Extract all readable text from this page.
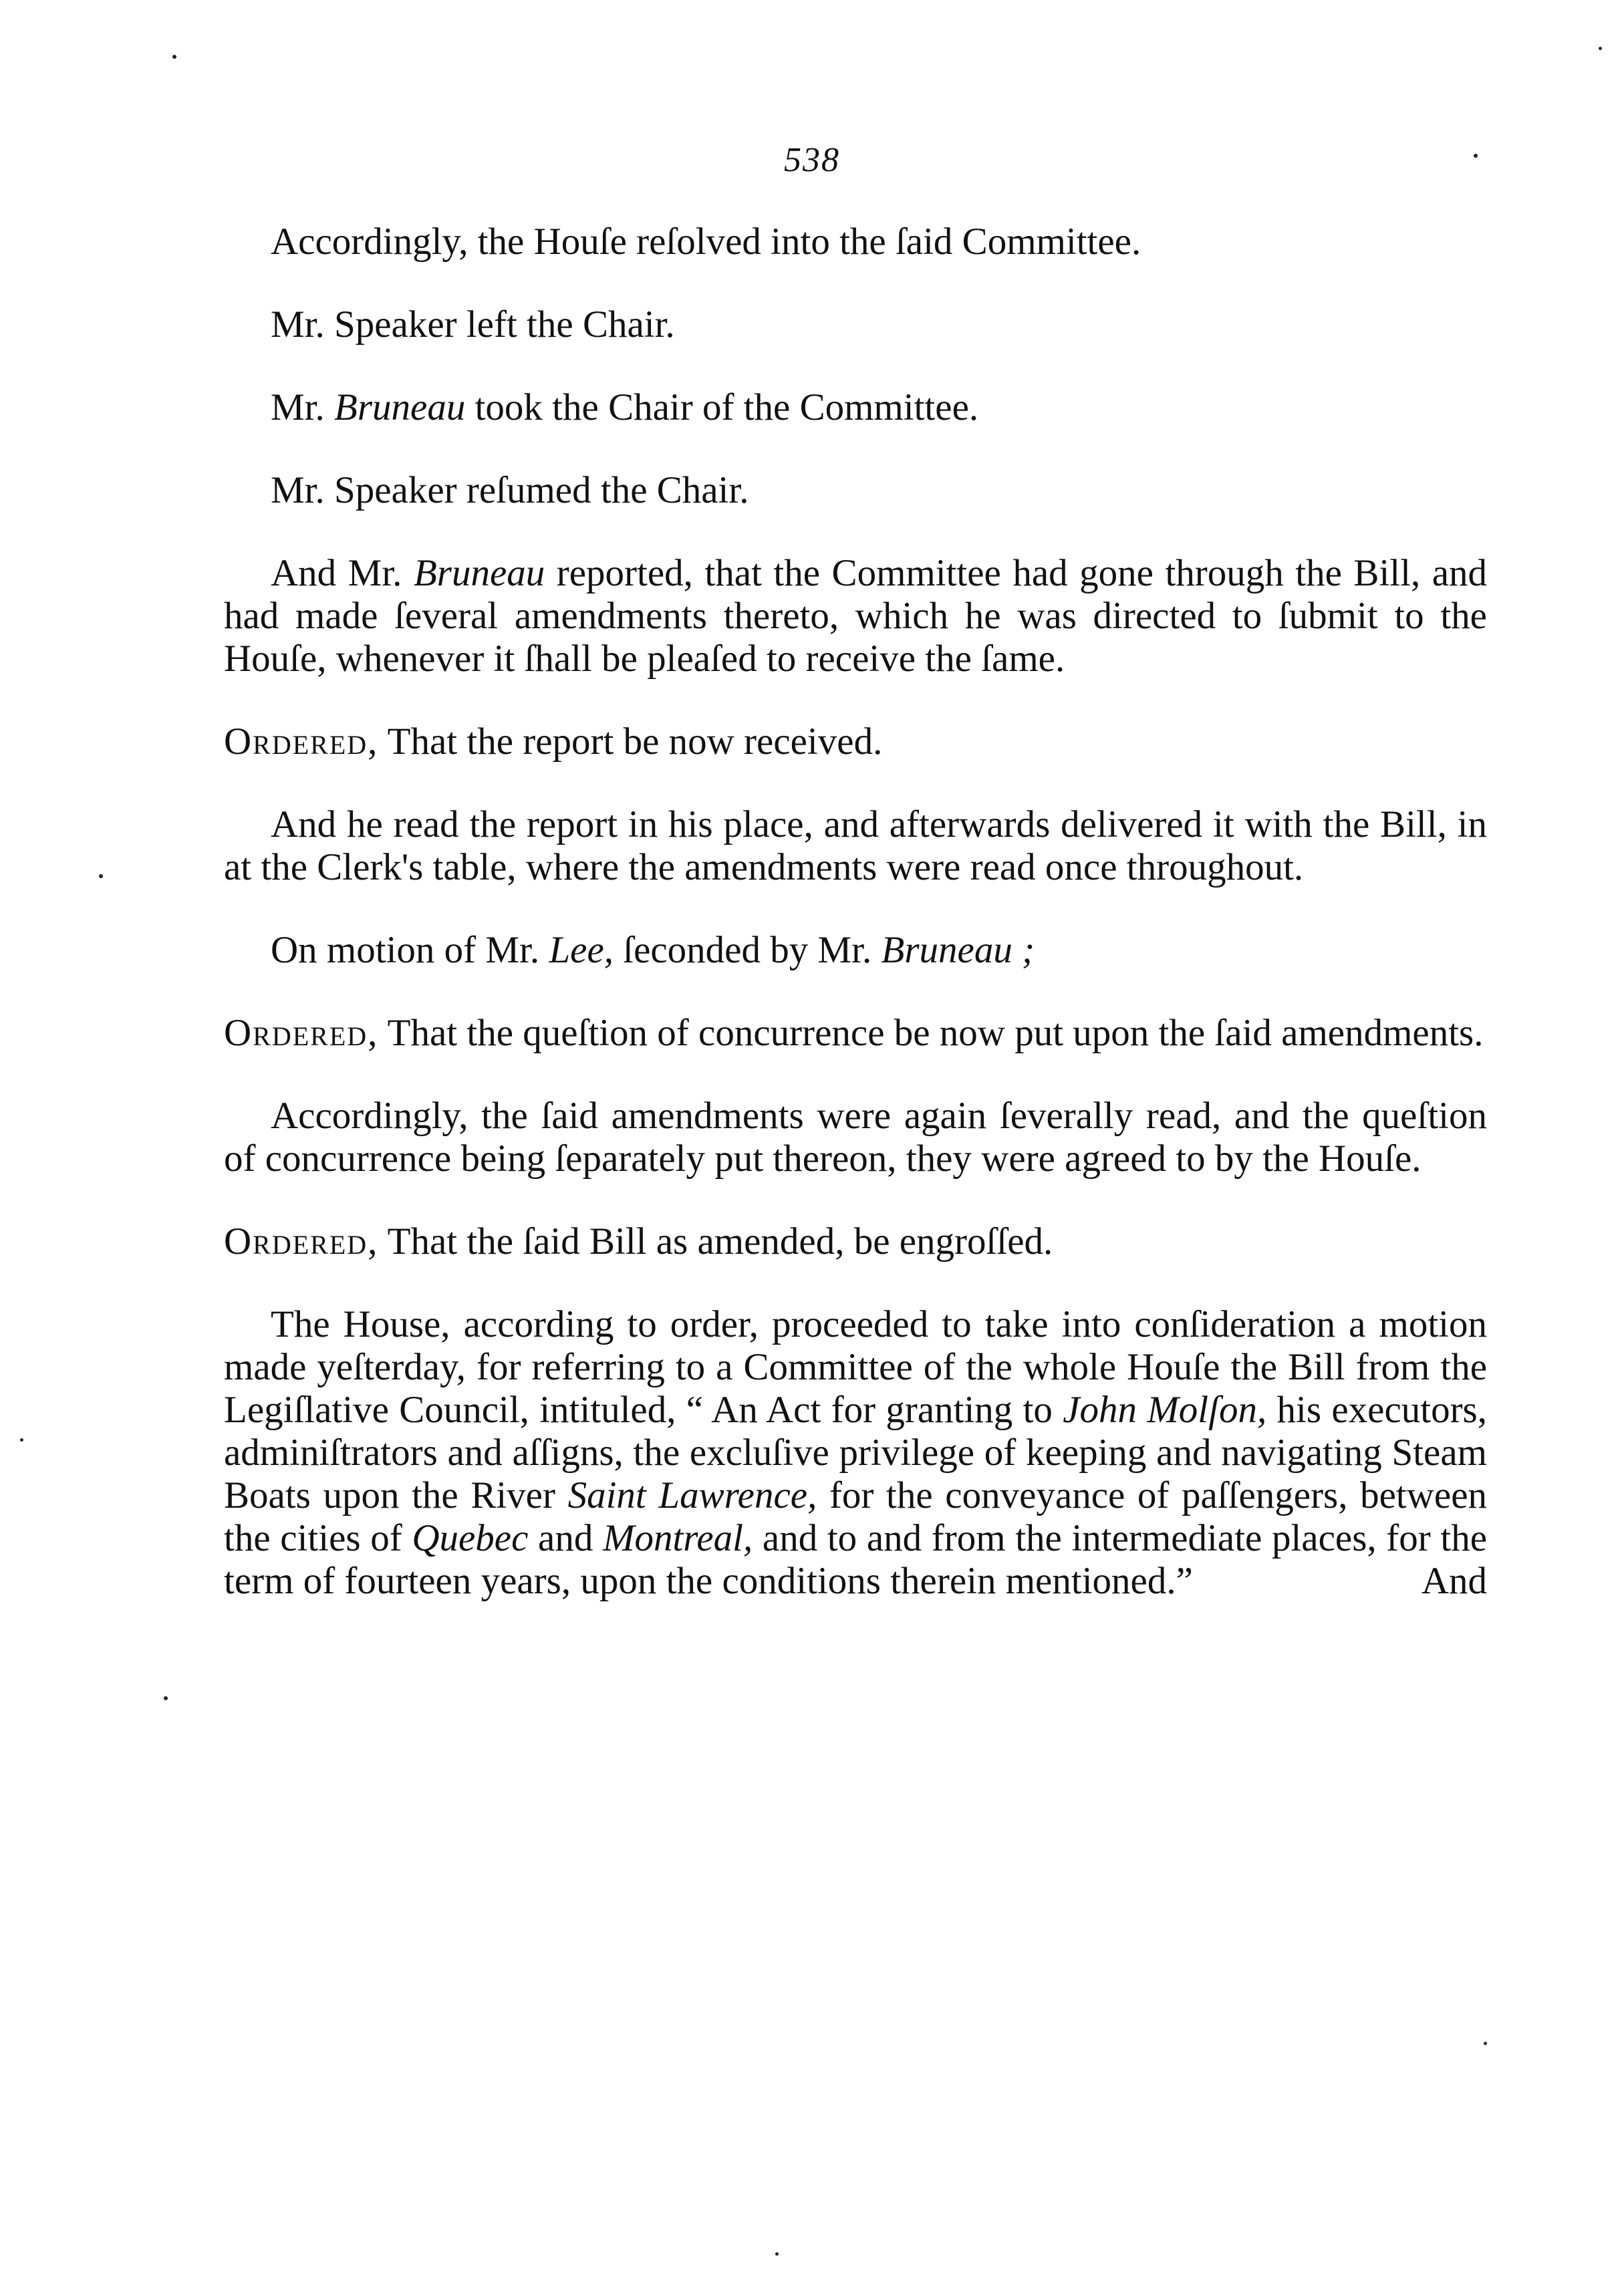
538

Accordingly, the Houſe reſolved into the ſaid Committee.

Mr. Speaker left the Chair.

Mr. Bruneau took the Chair of the Committee.

Mr. Speaker reſumed the Chair.

And Mr. Bruneau reported, that the Committee had gone through the Bill, and had made ſeveral amendments thereto, which he was directed to ſubmit to the Houſe, whenever it ſhall be pleaſed to receive the ſame.

Ordered, That the report be now received.

And he read the report in his place, and afterwards delivered it with the Bill, in at the Clerk's table, where the amendments were read once throughout.

On motion of Mr. Lee, ſeconded by Mr. Bruneau ;

Ordered, That the queſtion of concurrence be now put upon the ſaid amendments.

Accordingly, the ſaid amendments were again ſeverally read, and the queſtion of concurrence being ſeparately put thereon, they were agreed to by the Houſe.

Ordered, That the ſaid Bill as amended, be engroſſed.

The House, according to order, proceeded to take into conſideration a motion made yeſterday, for referring to a Committee of the whole Houſe the Bill from the Legiſlative Council, intituled, “ An Act for granting to John Molſon, his executors, adminiſtrators and aſſigns, the excluſive privilege of keeping and navigating Steam Boats upon the River Saint Lawrence, for the conveyance of paſſengers, between the cities of Quebec and Montreal, and to and from the intermediate places, for the term of fourteen years, upon the conditions therein mentioned.”	And
